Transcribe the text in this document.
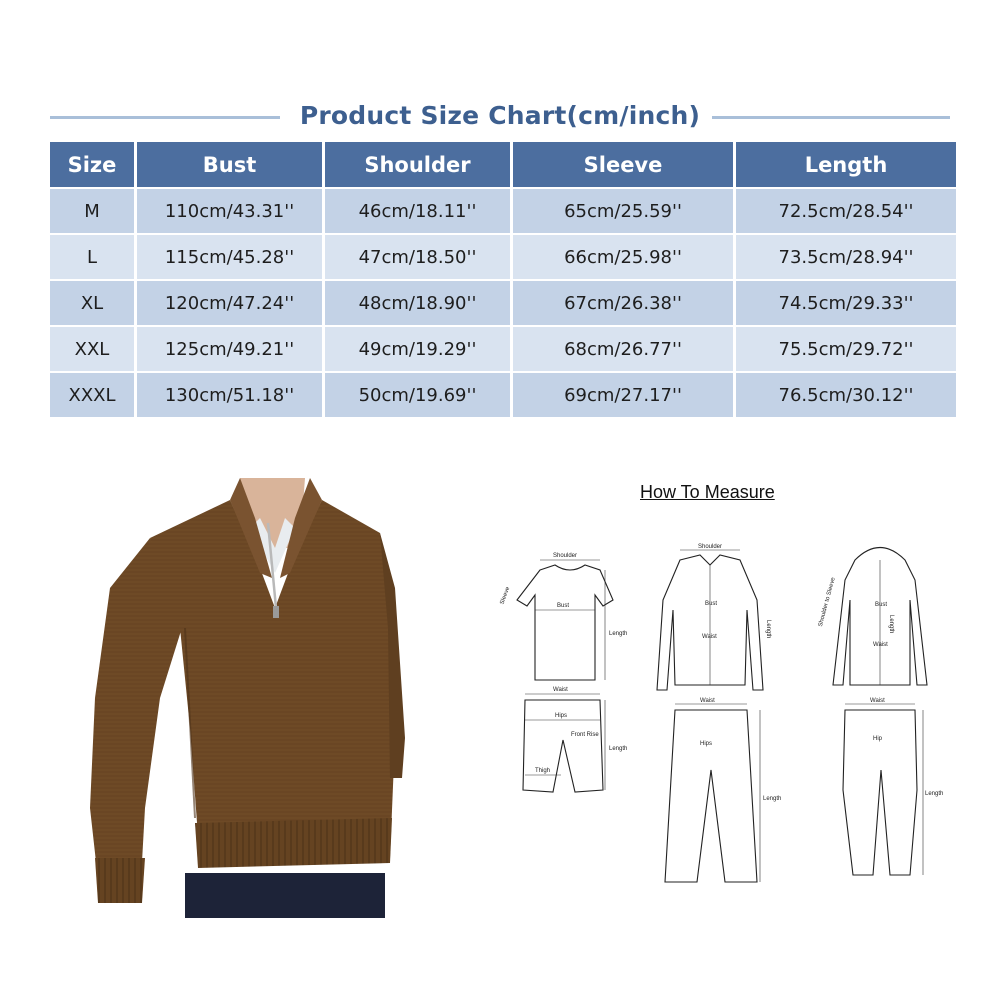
Product Size Chart(cm/inch)
Size	Bust	Shoulder	Sleeve	Length
M	110cm/43.31''	46cm/18.11''	65cm/25.59''	72.5cm/28.54''
L	115cm/45.28''	47cm/18.50''	66cm/25.98''	73.5cm/28.94''
XL	120cm/47.24''	48cm/18.90''	67cm/26.38''	74.5cm/29.33''
XXL	125cm/49.21''	49cm/19.29''	68cm/26.77''	75.5cm/29.72''
XXXL	130cm/51.18''	50cm/19.69''	69cm/27.17''	76.5cm/30.12''
How To Measure
Shoulder
Bust
Sleeve
Length
Waist
Hips
Front Rise
Thigh
Length
Shoulder
Bust
Waist	Length
Waist
Hips
Length
Bust
Waist
Shoulder to Sleeve	Length
Waist
Hip
Length
